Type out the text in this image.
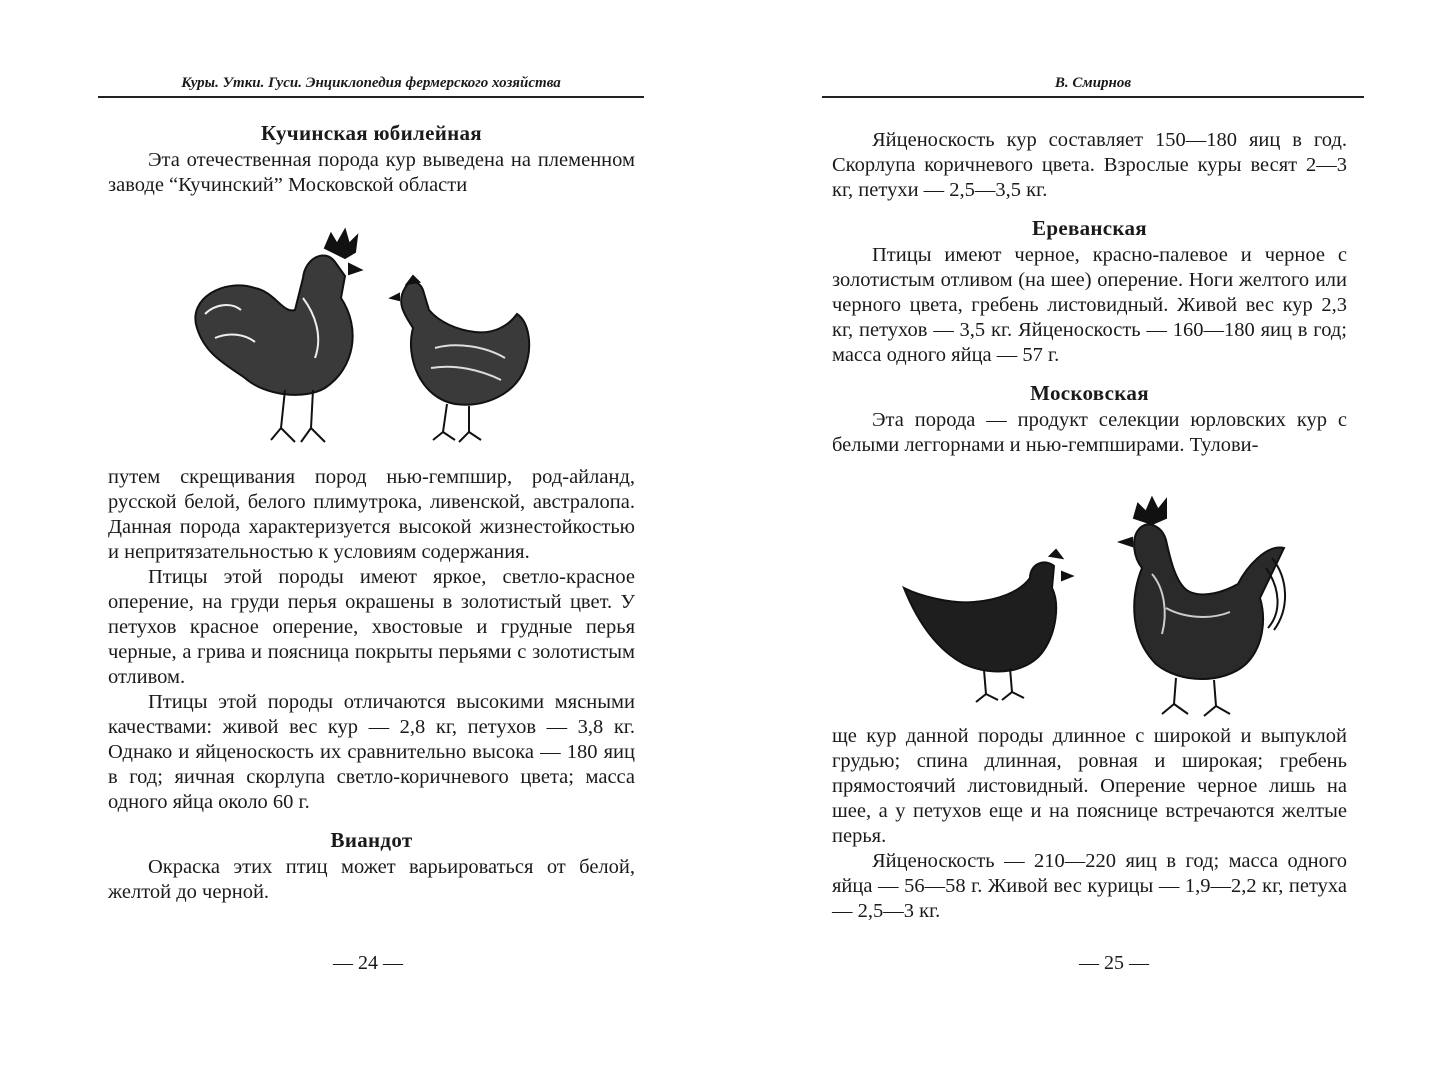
Куры. Утки. Гуси. Энциклопедия фермерского хозяйства
Кучинская юбилейная

Эта отечественная порода кур выведена на племенном заводе “Кучинский” Московской области

путем скрещивания пород нью-гемпшир, род-айланд, русской белой, белого плимутрока, ливенской, австралопа. Данная порода характеризуется высокой жизнестойкостью и непритязательностью к условиям содержания.

Птицы этой породы имеют яркое, светло-красное оперение, на груди перья окрашены в золотистый цвет. У петухов красное оперение, хвостовые и грудные перья черные, а грива и поясница покрыты перьями с золотистым отливом.

Птицы этой породы отличаются высокими мясными качествами: живой вес кур — 2,8 кг, петухов — 3,8 кг. Однако и яйценоскость их сравнительно высока — 180 яиц в год; яичная скорлупа светло-коричневого цвета; масса одного яйца около 60 г.

Виандот

Окраска этих птиц может варьироваться от белой, желтой до черной.

— 24 —
В. Смирнов

Яйценоскость кур составляет 150—180 яиц в год. Скорлупа коричневого цвета. Взрослые куры весят 2—3 кг, петухи — 2,5—3,5 кг.

Ереванская

Птицы имеют черное, красно-палевое и черное с золотистым отливом (на шее) оперение. Ноги желтого или черного цвета, гребень листовидный. Живой вес кур 2,3 кг, петухов — 3,5 кг. Яйценоскость — 160—180 яиц в год; масса одного яйца — 57 г.

Московская

Эта порода — продукт селекции юрловских кур с белыми леггорнами и нью-гемпширами. Тулови-

ще кур данной породы длинное с широкой и выпуклой грудью; спина длинная, ровная и широкая; гребень прямостоячий листовидный. Оперение черное лишь на шее, а у петухов еще и на пояснице встречаются желтые перья.

Яйценоскость — 210—220 яиц в год; масса одного яйца — 56—58 г. Живой вес курицы — 1,9—2,2 кг, петуха — 2,5—3 кг.

— 25 —
